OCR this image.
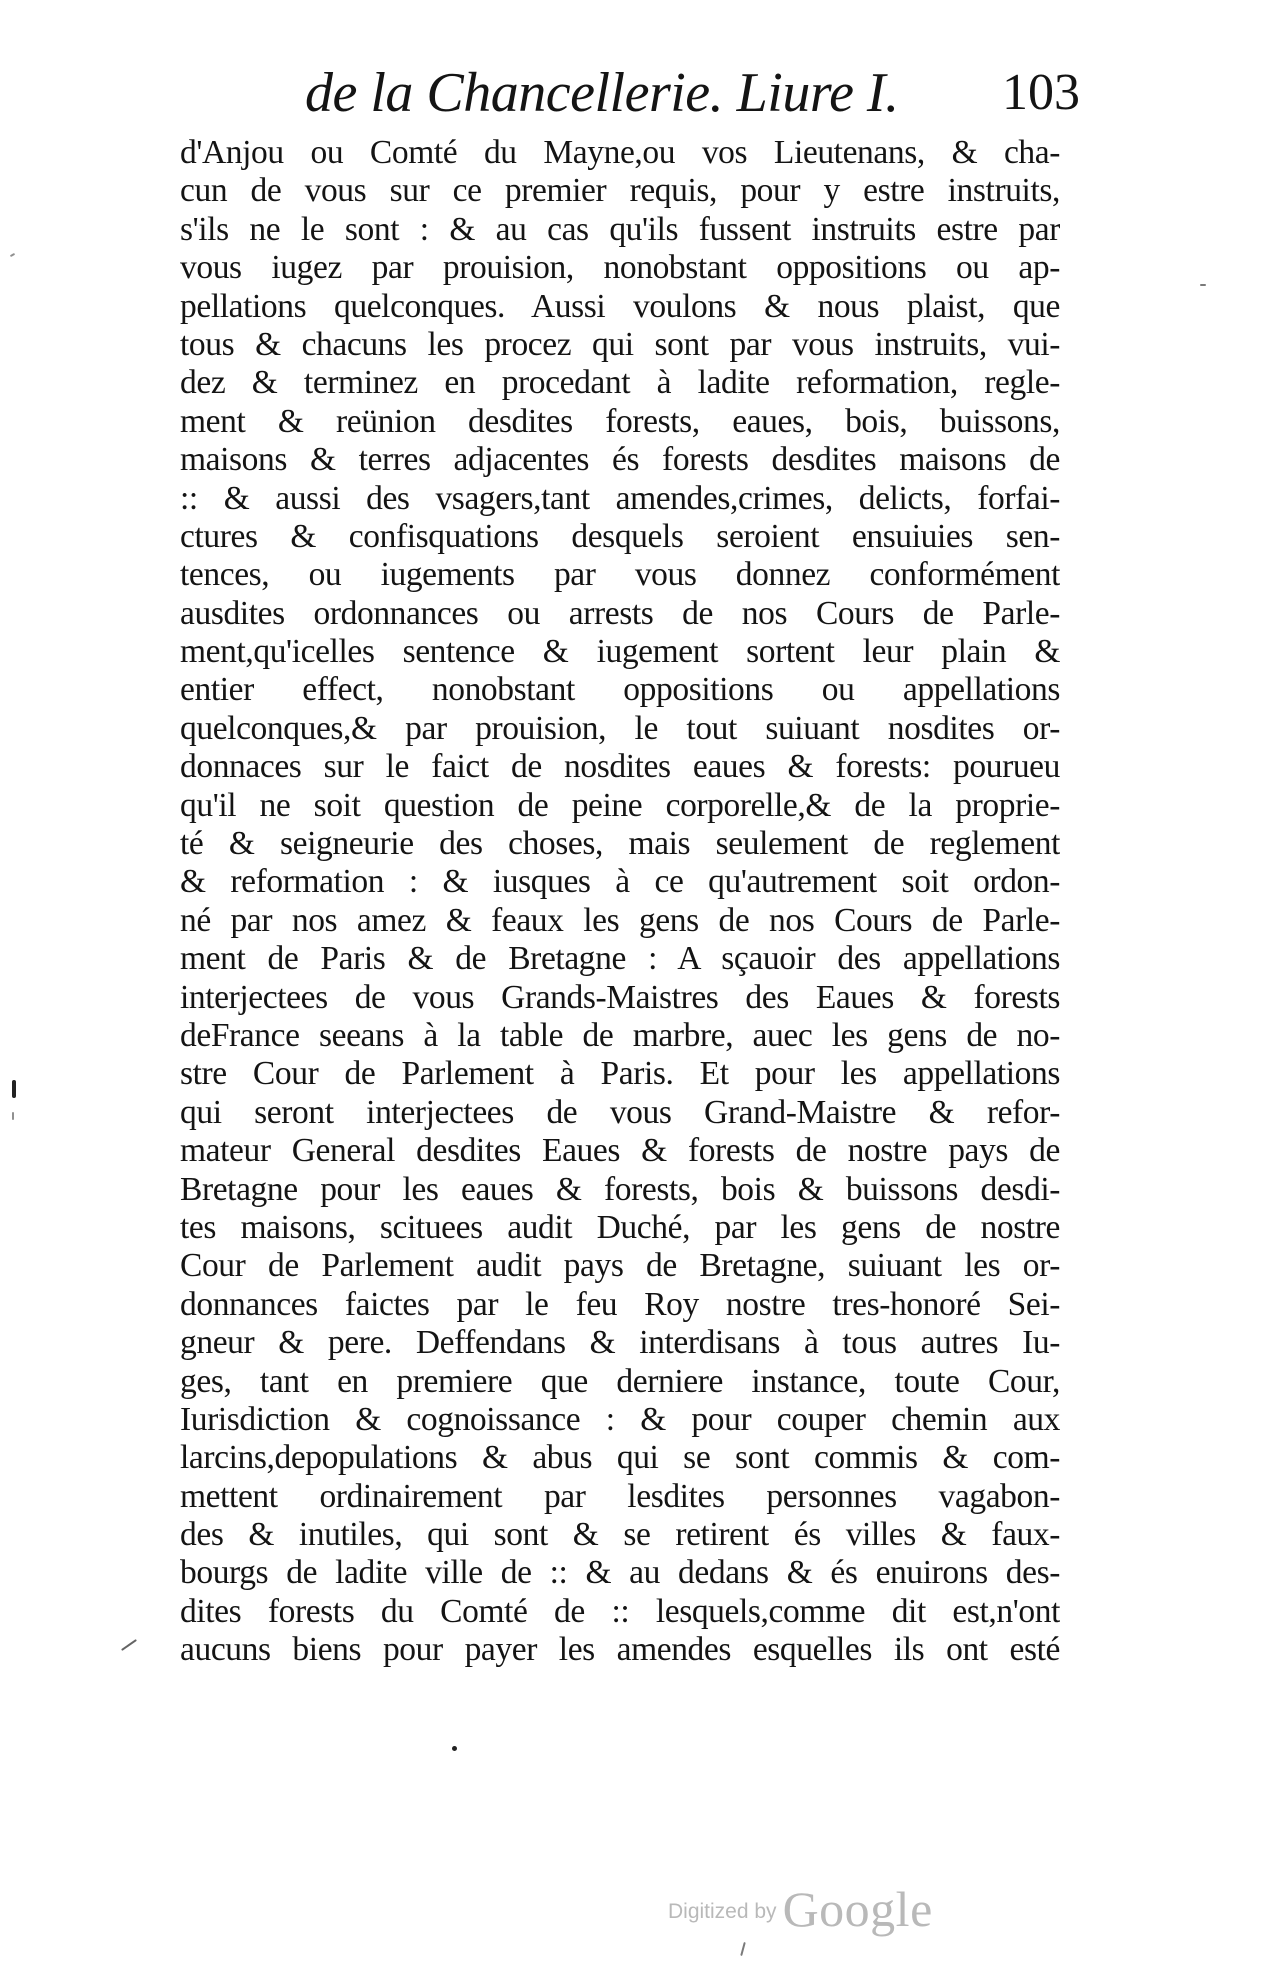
de la Chancellerie. Liure I. 103
d'Anjou ou Comté du Mayne,ou vos Lieutenans, & cha-
cun de vous sur ce premier requis, pour y estre instruits,
s'ils ne le sont : & au cas qu'ils fussent instruits estre par
vous iugez par prouision, nonobstant oppositions ou ap-
pellations quelconques. Aussi voulons & nous plaist, que
tous & chacuns les procez qui sont par vous instruits, vui-
dez & terminez en procedant à ladite reformation, regle-
ment & reünion desdites forests, eaues, bois, buissons,
maisons & terres adjacentes és forests desdites maisons de
:: & aussi des vsagers,tant amendes,crimes, delicts, forfai-
ctures & confisquations desquels seroient ensuiuies sen-
tences, ou iugements par vous donnez conformément
ausdites ordonnances ou arrests de nos Cours de Parle-
ment,qu'icelles sentence & iugement sortent leur plain &
entier effect, nonobstant oppositions ou appellations
quelconques,& par prouision, le tout suiuant nosdites or-
donnaces sur le faict de nosdites eaues & forests: pourueu
qu'il ne soit question de peine corporelle,& de la proprie-
té & seigneurie des choses, mais seulement de reglement
& reformation : & iusques à ce qu'autrement soit ordon-
né par nos amez & feaux les gens de nos Cours de Parle-
ment de Paris & de Bretagne : A sçauoir des appellations
interjectees de vous Grands-Maistres des Eaues & forests
deFrance seeans à la table de marbre, auec les gens de no-
stre Cour de Parlement à Paris. Et pour les appellations
qui seront interjectees de vous Grand-Maistre & refor-
mateur General desdites Eaues & forests de nostre pays de
Bretagne pour les eaues & forests, bois & buissons desdi-
tes maisons, scituees audit Duché, par les gens de nostre
Cour de Parlement audit pays de Bretagne, suiuant les or-
donnances faictes par le feu Roy nostre tres-honoré Sei-
gneur & pere. Deffendans & interdisans à tous autres Iu-
ges, tant en premiere que derniere instance, toute Cour,
Iurisdiction & cognoissance : & pour couper chemin aux
larcins,depopulations & abus qui se sont commis & com-
mettent ordinairement par lesdites personnes vagabon-
des & inutiles, qui sont & se retirent és villes & faux-
bourgs de ladite ville de :: & au dedans & és enuirons des-
dites forests du Comté de :: lesquels,comme dit est,n'ont
aucuns biens pour payer les amendes esquelles ils ont esté
Digitized by Google
